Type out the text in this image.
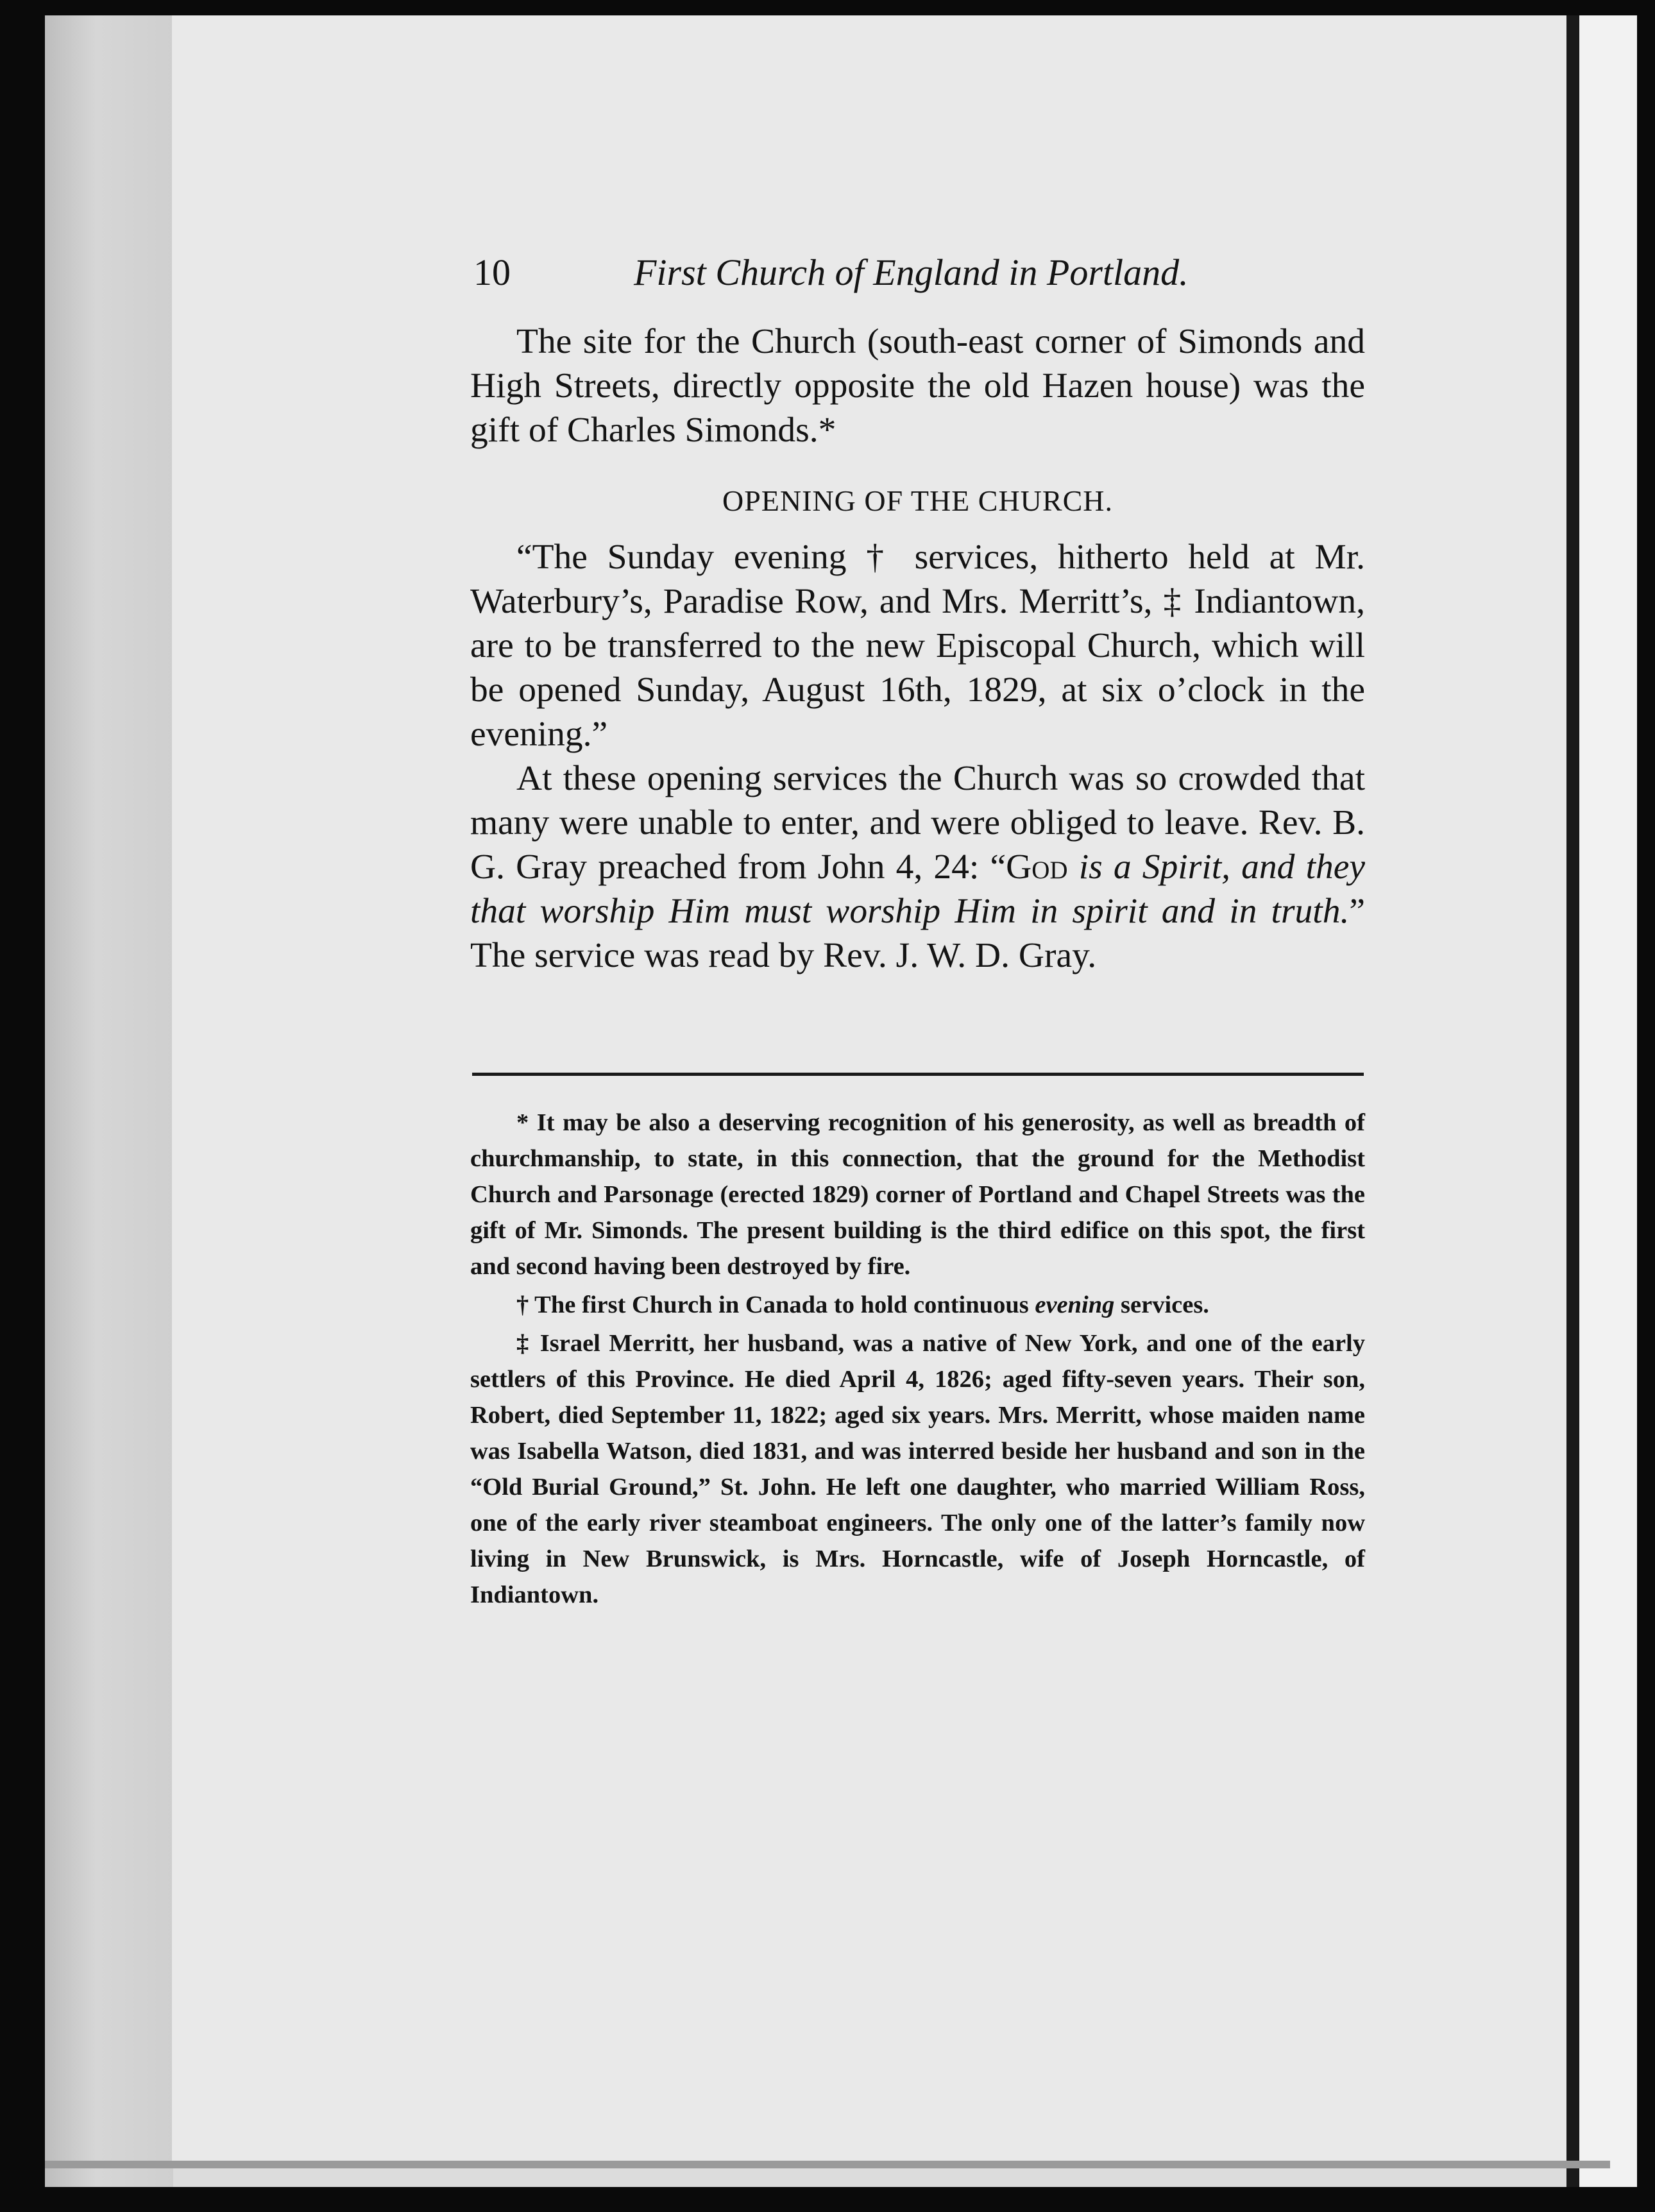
10	First Church of England in Portland.

The site for the Church (south-east corner of Simonds and High Streets, directly opposite the old Hazen house) was the gift of Charles Simonds.*

OPENING OF THE CHURCH.

“The Sunday evening † services, hitherto held at Mr. Waterbury’s, Paradise Row, and Mrs. Merritt’s, ‡ Indiantown, are to be transferred to the new Episcopal Church, which will be opened Sunday, August 16th, 1829, at six o’clock in the evening.”

At these opening services the Church was so crowded that many were unable to enter, and were obliged to leave. Rev. B. G. Gray preached from John 4, 24: “God is a Spirit, and they that worship Him must worship Him in spirit and in truth.” The service was read by Rev. J. W. D. Gray.

* It may be also a deserving recognition of his generosity, as well as breadth of churchmanship, to state, in this connection, that the ground for the Methodist Church and Parsonage (erected 1829) corner of Portland and Chapel Streets was the gift of Mr. Simonds. The present building is the third edifice on this spot, the first and second having been destroyed by fire.

† The first Church in Canada to hold continuous evening services.

‡ Israel Merritt, her husband, was a native of New York, and one of the early settlers of this Province. He died April 4, 1826; aged fifty-seven years. Their son, Robert, died September 11, 1822; aged six years. Mrs. Merritt, whose maiden name was Isabella Watson, died 1831, and was interred beside her husband and son in the “Old Burial Ground,” St. John. He left one daughter, who married William Ross, one of the early river steamboat engineers. The only one of the latter’s family now living in New Brunswick, is Mrs. Horncastle, wife of Joseph Horncastle, of Indiantown.
